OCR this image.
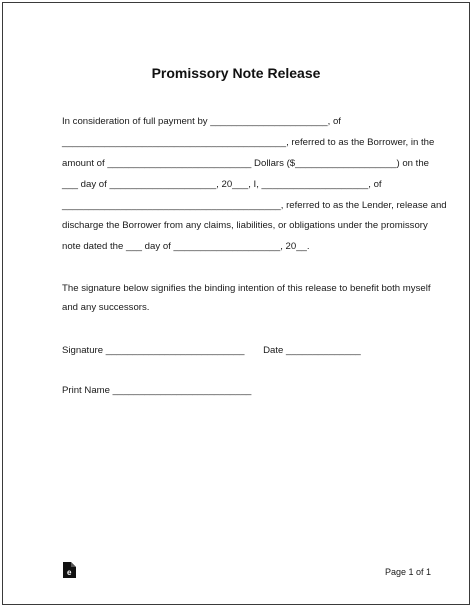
Promissory Note Release
In consideration of full payment by ______________________, of
__________________________________________, referred to as the Borrower, in the
amount of ___________________________ Dollars ($___________________) on the
___ day of ____________________, 20___, I, ____________________, of
_________________________________________, referred to as the Lender, release and
discharge the Borrower from any claims, liabilities, or obligations under the promissory
note dated the ___ day of ____________________, 20__.
The signature below signifies the binding intention of this release to benefit both myself
and any successors.
Signature __________________________       Date ______________
Print Name __________________________
e	Page 1 of 1
